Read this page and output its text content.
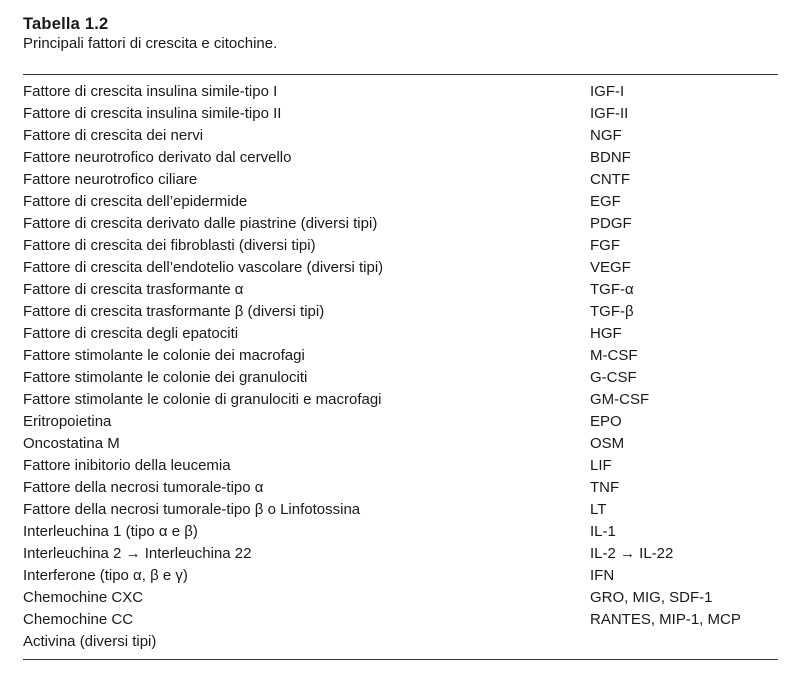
Tabella 1.2

Principali fattori di crescita e citochine.

Fattore di crescita insulina simile-tipo I	IGF-I
Fattore di crescita insulina simile-tipo II	IGF-II
Fattore di crescita dei nervi	NGF
Fattore neurotrofico derivato dal cervello	BDNF
Fattore neurotrofico ciliare	CNTF
Fattore di crescita dell’epidermide	EGF
Fattore di crescita derivato dalle piastrine (diversi tipi)	PDGF
Fattore di crescita dei fibroblasti (diversi tipi)	FGF
Fattore di crescita dell’endotelio vascolare (diversi tipi)	VEGF
Fattore di crescita trasformante α	TGF-α
Fattore di crescita trasformante β (diversi tipi)	TGF-β
Fattore di crescita degli epatociti	HGF
Fattore stimolante le colonie dei macrofagi	M-CSF
Fattore stimolante le colonie dei granulociti	G-CSF
Fattore stimolante le colonie di granulociti e macrofagi	GM-CSF
Eritropoietina	EPO
Oncostatina M	OSM
Fattore inibitorio della leucemia	LIF
Fattore della necrosi tumorale-tipo α	TNF
Fattore della necrosi tumorale-tipo β o Linfotossina	LT
Interleuchina 1 (tipo α e β)	IL-1
Interleuchina 2 → Interleuchina 22	IL-2 → IL-22
Interferone (tipo α, β e γ)	IFN
Chemochine CXC	GRO, MIG, SDF-1
Chemochine CC	RANTES, MIP-1, MCP
Activina (diversi tipi)
